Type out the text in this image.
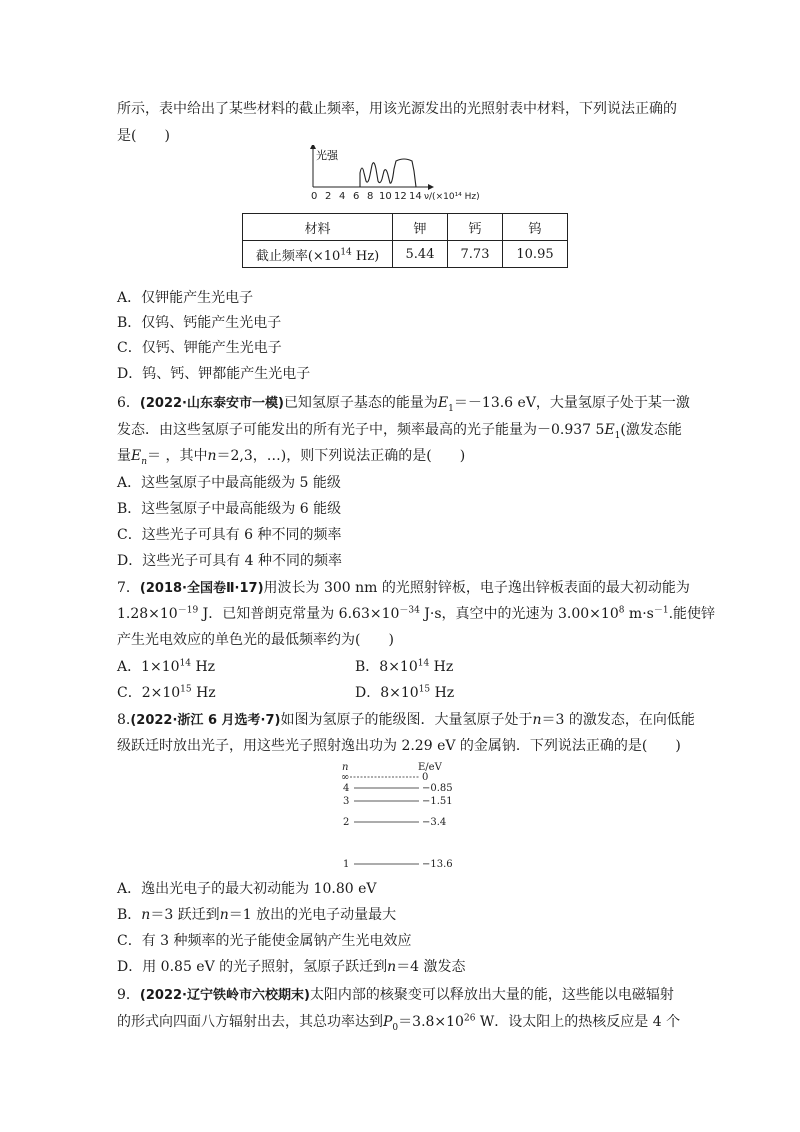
所示，表中给出了某些材料的截止频率，用该光源发出的光照射表中材料，下列说法正确的
是(　　)
光强
0 2 4 6 8 10 12 14 ν/(×10¹⁴ Hz)
材料	钾	钙	钨
截止频率($\times 10^{14}$ Hz)	5.44	7.73	10.95
A．仅钾能产生光电子
B．仅钨、钙能产生光电子
C．仅钙、钾能产生光电子
D．钨、钙、钾都能产生光电子
6．(2022·山东泰安市一模)已知氢原子基态的能量为$E_1=-13.6$ eV，大量氢原子处于某一激
发态．由这些氢原子可能发出的所有光子中，频率最高的光子能量为－0.937 $5E_1$(激发态能
量$E_n=$ ，其中n＝2,3，…)，则下列说法正确的是(　　)
A．这些氢原子中最高能级为 5 能级
B．这些氢原子中最高能级为 6 能级
C．这些光子可具有 6 种不同的频率
D．这些光子可具有 4 种不同的频率
7．(2018·全国卷Ⅱ·17)用波长为 300 nm 的光照射锌板，电子逸出锌板表面的最大初动能为
$1.28\times 10^{-19}$ J．已知普朗克常量为 $6.63\times 10^{-34}$ J·s，真空中的光速为 $3.00\times 10^8$ $m\cdot s^{-1}$.能使锌
产生光电效应的单色光的最低频率约为(　　)
A．$1\times 10^{14}$ Hz	B．$8\times 10^{14}$ Hz
C．$2\times 10^{15}$ Hz	D．$8\times 10^{15}$ Hz
8.(2022·浙江 6 月选考·7)如图为氢原子的能级图．大量氢原子处于n＝3 的激发态，在向低能
级跃迁时放出光子，用这些光子照射逸出功为 2.29 eV 的金属钠．下列说法正确的是(　　)
n	E/eV
∞	0
4	−0.85
3	−1.51
2	−3.4
1	−13.6
A．逸出光电子的最大初动能为 10.80 eV
B．n＝3 跃迁到n＝1 放出的光电子动量最大
C．有 3 种频率的光子能使金属钠产生光电效应
D．用 0.85 eV 的光子照射，氢原子跃迁到n＝4 激发态
9．(2022·辽宁铁岭市六校期末)太阳内部的核聚变可以释放出大量的能，这些能以电磁辐射
的形式向四面八方辐射出去，其总功率达到$P_0=3.8\times 10^{26}$ W．设太阳上的热核反应是 4 个
